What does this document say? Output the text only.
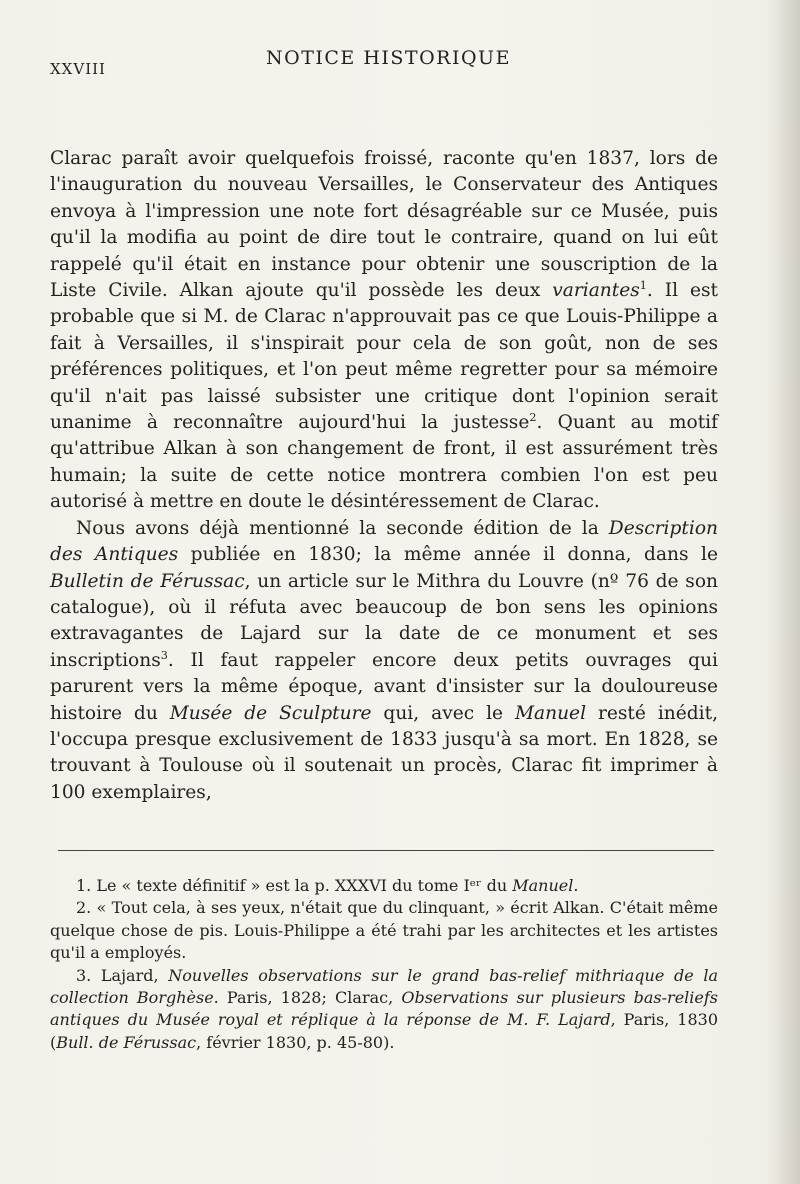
XXVIII	NOTICE HISTORIQUE

Clarac paraît avoir quelquefois froissé, raconte qu'en 1837, lors de l'inauguration du nouveau Versailles, le Conservateur des Antiques envoya à l'impression une note fort désagréable sur ce Musée, puis qu'il la modifia au point de dire tout le contraire, quand on lui eût rappelé qu'il était en instance pour obtenir une souscription de la Liste Civile. Alkan ajoute qu'il possède les deux variantes$^1$. Il est probable que si M. de Clarac n'approuvait pas ce que Louis-Philippe a fait à Versailles, il s'inspirait pour cela de son goût, non de ses préférences politiques, et l'on peut même regretter pour sa mémoire qu'il n'ait pas laissé subsister une critique dont l'opinion serait unanime à reconnaître aujourd'hui la justesse$^2$. Quant au motif qu'attribue Alkan à son changement de front, il est assurément très humain; la suite de cette notice montrera combien l'on est peu autorisé à mettre en doute le désintéressement de Clarac.

Nous avons déjà mentionné la seconde édition de la Description des Antiques publiée en 1830; la même année il donna, dans le Bulletin de Férussac, un article sur le Mithra du Louvre (nº 76 de son catalogue), où il réfuta avec beaucoup de bon sens les opinions extravagantes de Lajard sur la date de ce monument et ses inscriptions$^3$. Il faut rappeler encore deux petits ouvrages qui parurent vers la même époque, avant d'insister sur la douloureuse histoire du Musée de Sculpture qui, avec le Manuel resté inédit, l'occupa presque exclusivement de 1833 jusqu'à sa mort. En 1828, se trouvant à Toulouse où il soutenait un procès, Clarac fit imprimer à 100 exemplaires,

1. Le « texte définitif » est la p. XXXVI du tome Iᵉʳ du Manuel.

2. « Tout cela, à ses yeux, n'était que du clinquant, » écrit Alkan. C'était même quelque chose de pis. Louis-Philippe a été trahi par les architectes et les artistes qu'il a employés.

3. Lajard, Nouvelles observations sur le grand bas-relief mithriaque de la collection Borghèse. Paris, 1828; Clarac, Observations sur plusieurs bas-reliefs antiques du Musée royal et réplique à la réponse de M. F. Lajard, Paris, 1830 (Bull. de Férussac, février 1830, p. 45-80).
